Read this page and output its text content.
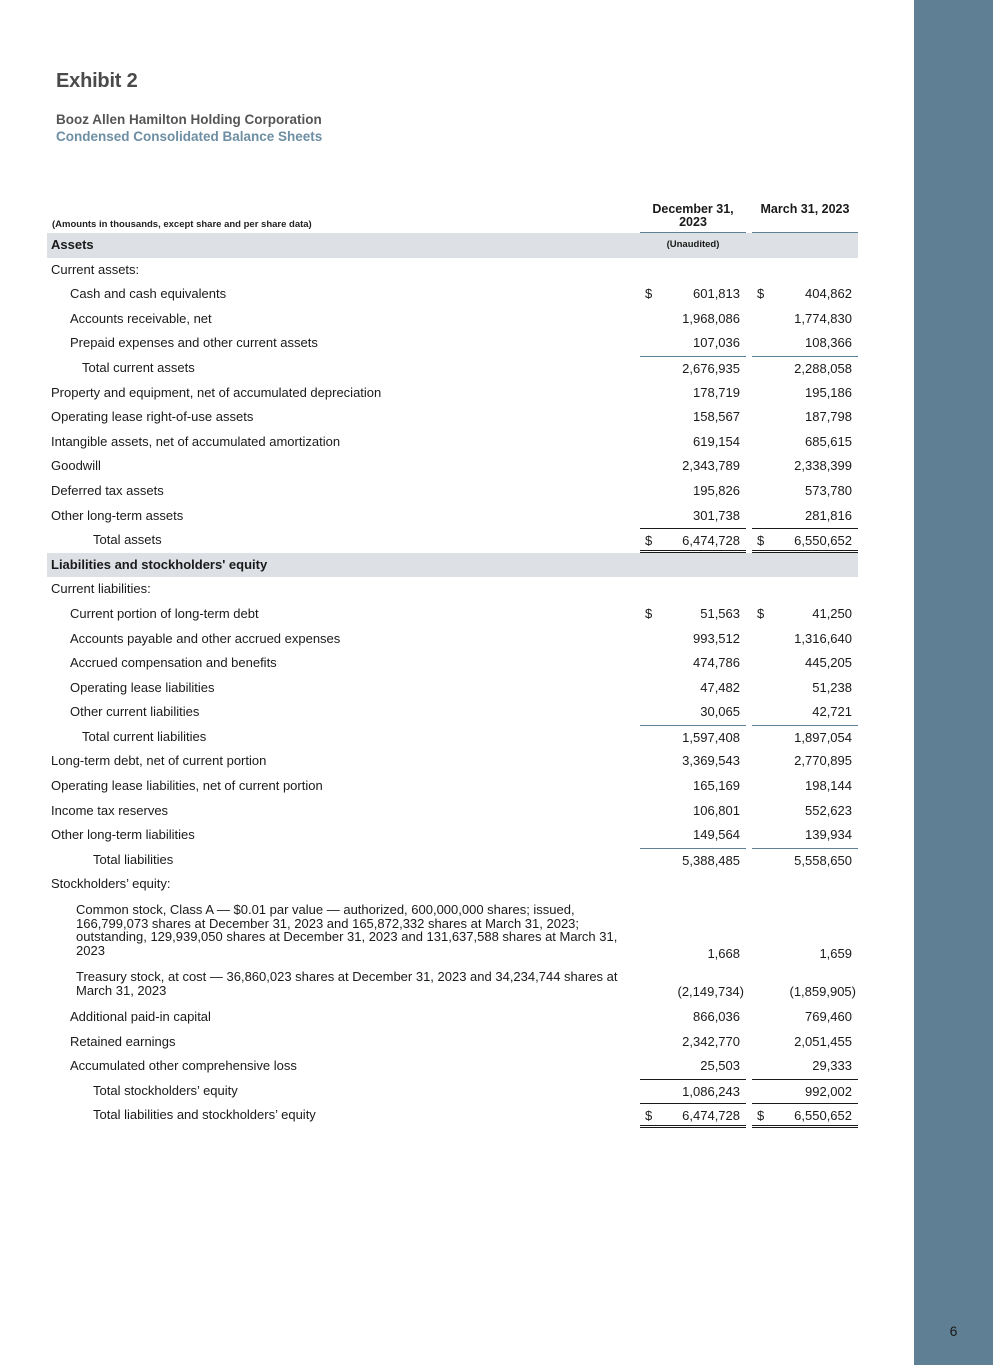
6
Exhibit 2
Booz Allen Hamilton Holding Corporation
Condensed Consolidated Balance Sheets
(Amounts in thousands, except share and per share data)
December 31, 2023
March 31, 2023
Assets	(Unaudited)
Current assets:
Cash and cash equivalents	$	601,813 $	404,862
Accounts receivable, net	1,968,086	1,774,830
Prepaid expenses and other current assets	107,036	108,366
Total current assets	2,676,935	2,288,058
Property and equipment, net of accumulated depreciation	178,719	195,186
Operating lease right-of-use assets	158,567	187,798
Intangible assets, net of accumulated amortization	619,154	685,615
Goodwill	2,343,789	2,338,399
Deferred tax assets	195,826	573,780
Other long-term assets	301,738	281,816
Total assets	$ 6,474,728 $ 6,550,652
Liabilities and stockholders' equity
Current liabilities:
Current portion of long-term debt	$	51,563 $	41,250
Accounts payable and other accrued expenses	993,512	1,316,640
Accrued compensation and benefits	474,786	445,205
Operating lease liabilities	47,482	51,238
Other current liabilities	30,065	42,721
Total current liabilities	1,597,408	1,897,054
Long-term debt, net of current portion	3,369,543	2,770,895
Operating lease liabilities, net of current portion	165,169	198,144
Income tax reserves	106,801	552,623
Other long-term liabilities	149,564	139,934
Total liabilities	5,388,485	5,558,650
Stockholders’ equity:
Common stock, Class A — $0.01 par value — authorized, 600,000,000 shares; issued, 166,799,073 shares at December 31, 2023 and 165,872,332 shares at March 31, 2023; outstanding, 129,939,050 shares at December 31, 2023 and 131,637,588 shares at March 31, 2023	1,668	1,659
Treasury stock, at cost — 36,860,023 shares at December 31, 2023 and 34,234,744 shares at March 31, 2023	(2,149,734)	(1,859,905)
Additional paid-in capital	866,036	769,460
Retained earnings	2,342,770	2,051,455
Accumulated other comprehensive loss	25,503	29,333
Total stockholders’ equity	1,086,243	992,002
Total liabilities and stockholders’ equity	$ 6,474,728 $ 6,550,652
